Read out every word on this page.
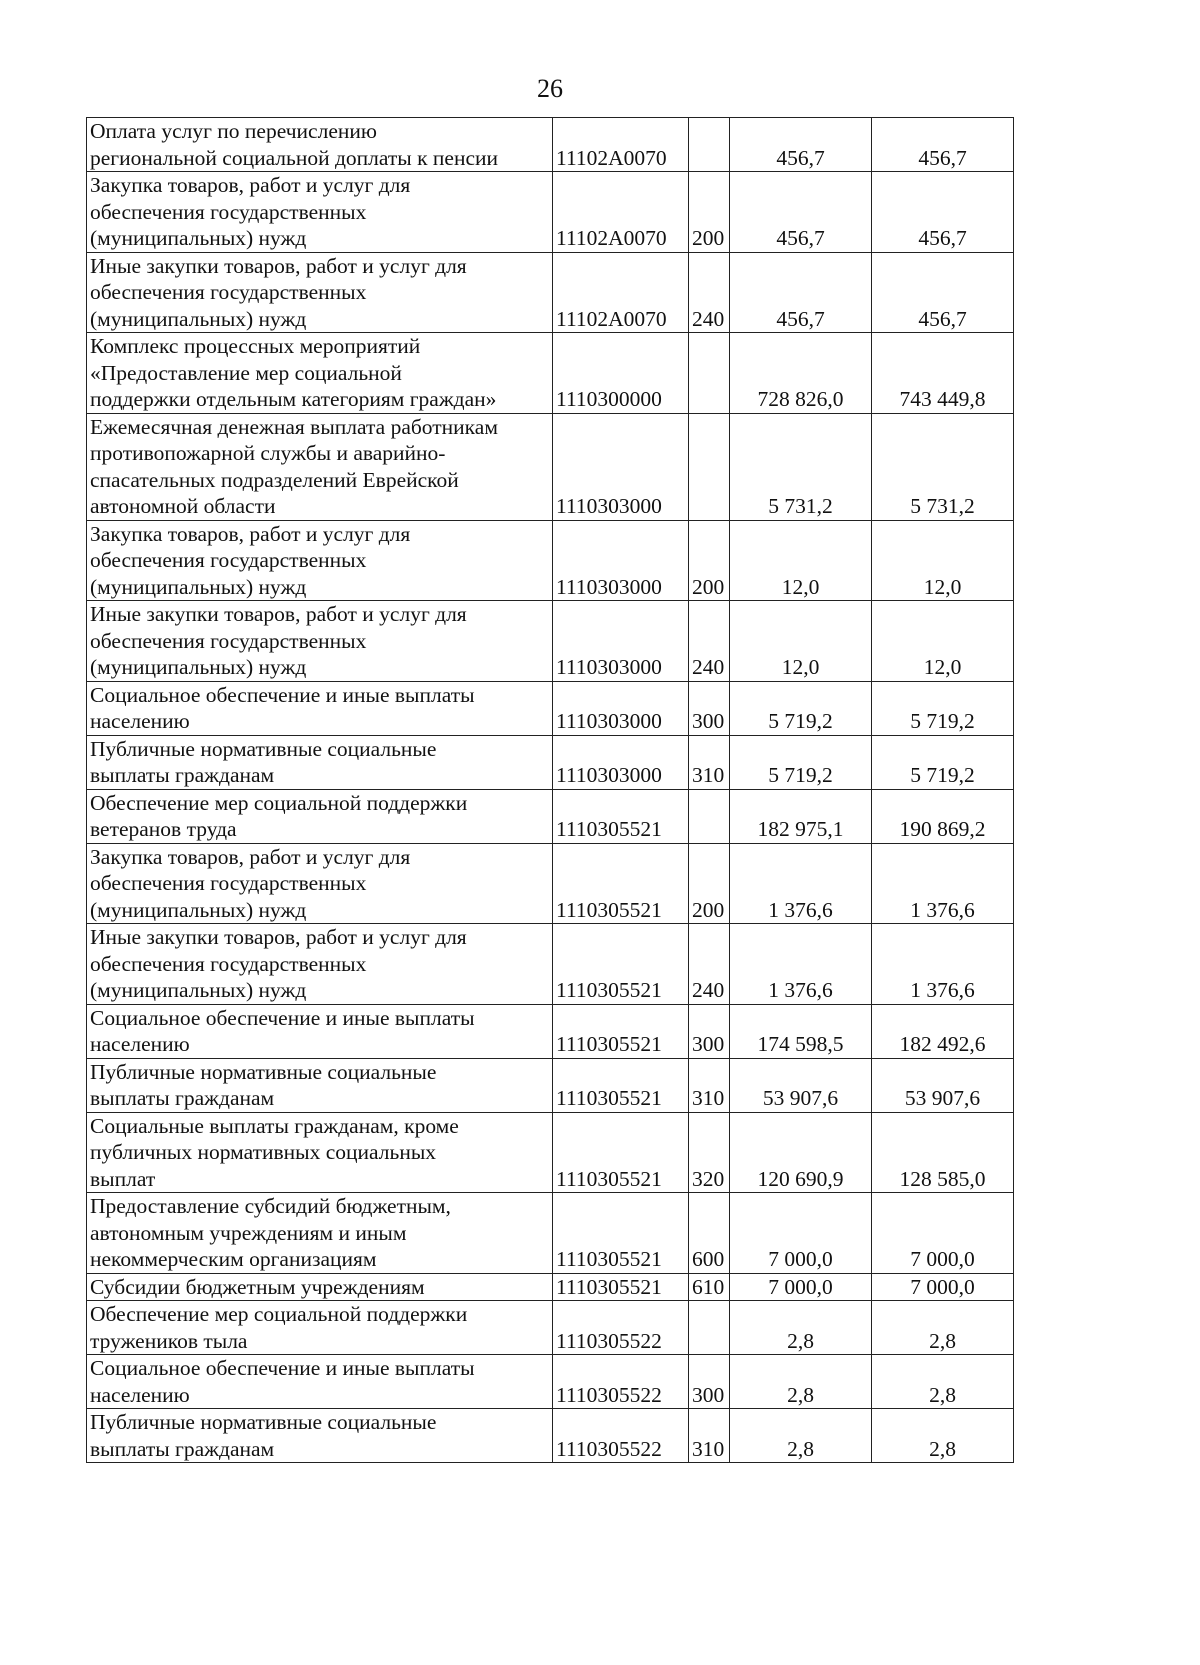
26
Оплата услуг по перечислению
региональной социальной доплаты к пенсии	11102A0070		456,7	456,7
Закупка товаров, работ и услуг для
обеспечения государственных
(муниципальных) нужд	11102A0070	200	456,7	456,7
Иные закупки товаров, работ и услуг для
обеспечения государственных
(муниципальных) нужд	11102A0070	240	456,7	456,7
Комплекс процессных мероприятий
«Предоставление мер социальной
поддержки отдельным категориям граждан»	1110300000		728 826,0	743 449,8
Ежемесячная денежная выплата работникам
противопожарной службы и аварийно-
спасательных подразделений Еврейской
автономной области	1110303000		5 731,2	5 731,2
Закупка товаров, работ и услуг для
обеспечения государственных
(муниципальных) нужд	1110303000	200	12,0	12,0
Иные закупки товаров, работ и услуг для
обеспечения государственных
(муниципальных) нужд	1110303000	240	12,0	12,0
Социальное обеспечение и иные выплаты
населению	1110303000	300	5 719,2	5 719,2
Публичные нормативные социальные
выплаты гражданам	1110303000	310	5 719,2	5 719,2
Обеспечение мер социальной поддержки
ветеранов труда	1110305521		182 975,1	190 869,2
Закупка товаров, работ и услуг для
обеспечения государственных
(муниципальных) нужд	1110305521	200	1 376,6	1 376,6
Иные закупки товаров, работ и услуг для
обеспечения государственных
(муниципальных) нужд	1110305521	240	1 376,6	1 376,6
Социальное обеспечение и иные выплаты
населению	1110305521	300	174 598,5	182 492,6
Публичные нормативные социальные
выплаты гражданам	1110305521	310	53 907,6	53 907,6
Социальные выплаты гражданам, кроме
публичных нормативных социальных
выплат	1110305521	320	120 690,9	128 585,0
Предоставление субсидий бюджетным,
автономным учреждениям и иным
некоммерческим организациям	1110305521	600	7 000,0	7 000,0
Субсидии бюджетным учреждениям	1110305521	610	7 000,0	7 000,0
Обеспечение мер социальной поддержки
тружеников тыла	1110305522		2,8	2,8
Социальное обеспечение и иные выплаты
населению	1110305522	300	2,8	2,8
Публичные нормативные социальные
выплаты гражданам	1110305522	310	2,8	2,8
